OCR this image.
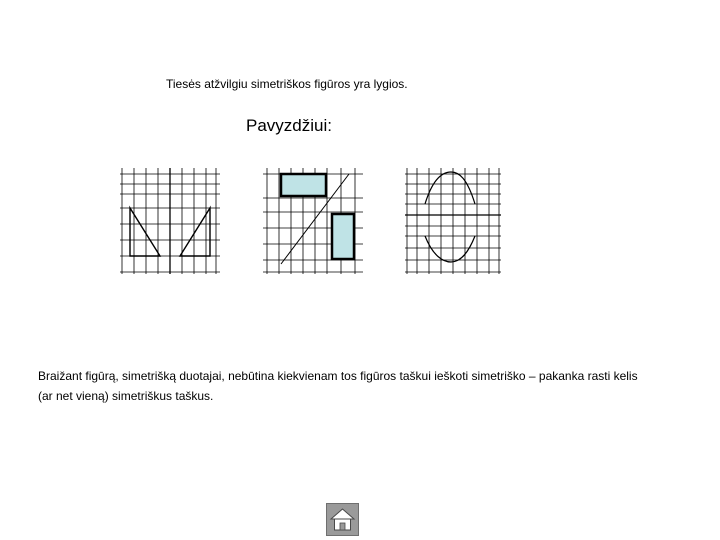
Tiesės atžvilgiu simetriškos figūros yra lygios.
Pavyzdžiui:
Braižant figūrą, simetrišką duotajai, nebūtina kiekvienam tos figūros taškui ieškoti simetriško – pakanka rasti kelis (ar net vieną) simetriškus taškus.
